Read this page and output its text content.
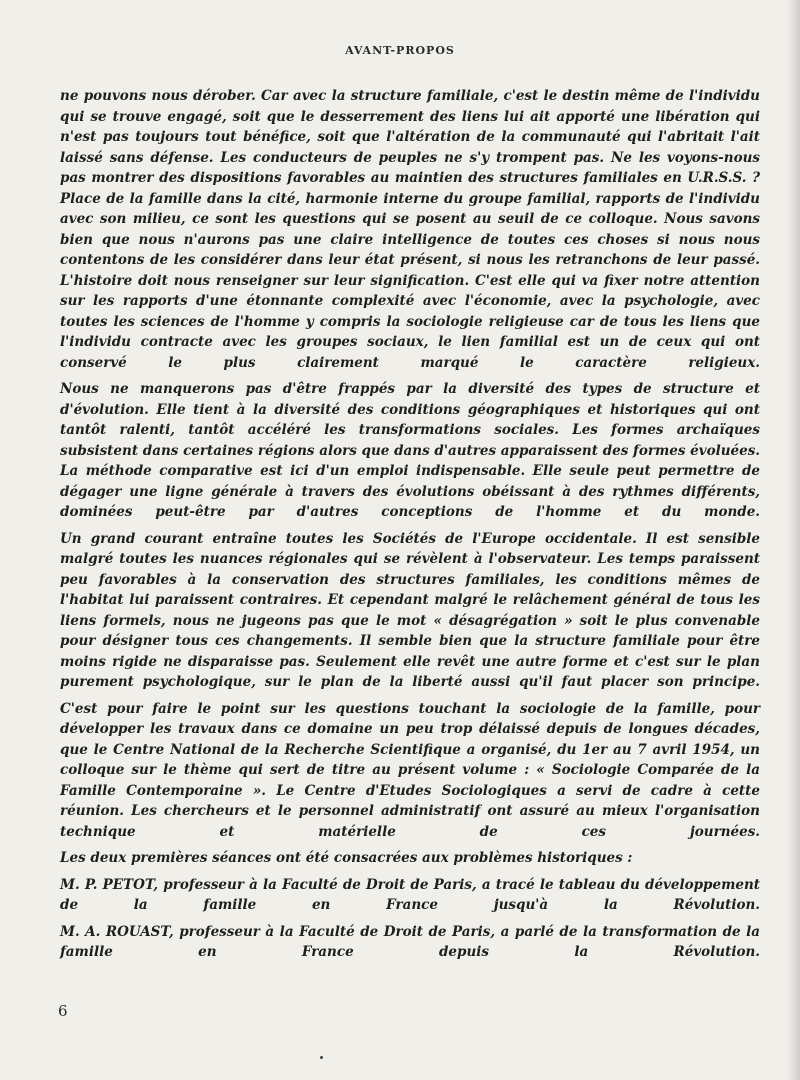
AVANT-PROPOS

ne pouvons nous dérober. Car avec la structure familiale, c'est le destin même de l'individu qui se trouve engagé, soit que le desserrement des liens lui ait apporté une libération qui n'est pas toujours tout bénéfice, soit que l'altération de la communauté qui l'abritait l'ait laissé sans défense. Les conducteurs de peuples ne s'y trompent pas. Ne les voyons-nous pas montrer des dispositions favorables au maintien des structures familiales en U.R.S.S. ? Place de la famille dans la cité, harmonie interne du groupe familial, rapports de l'individu avec son milieu, ce sont les questions qui se posent au seuil de ce colloque. Nous savons bien que nous n'aurons pas une claire intelligence de toutes ces choses si nous nous contentons de les considérer dans leur état présent, si nous les retranchons de leur passé. L'histoire doit nous renseigner sur leur signification. C'est elle qui va fixer notre attention sur les rapports d'une étonnante complexité avec l'économie, avec la psychologie, avec toutes les sciences de l'homme y compris la sociologie religieuse car de tous les liens que l'individu contracte avec les groupes sociaux, le lien familial est un de ceux qui ont conservé le plus clairement marqué le caractère religieux.

Nous ne manquerons pas d'être frappés par la diversité des types de structure et d'évolution. Elle tient à la diversité des conditions géographiques et historiques qui ont tantôt ralenti, tantôt accéléré les transformations sociales. Les formes archaïques subsistent dans certaines régions alors que dans d'autres apparaissent des formes évoluées. La méthode comparative est ici d'un emploi indispensable. Elle seule peut permettre de dégager une ligne générale à travers des évolutions obéissant à des rythmes différents, dominées peut-être par d'autres conceptions de l'homme et du monde.

Un grand courant entraîne toutes les Sociétés de l'Europe occidentale. Il est sensible malgré toutes les nuances régionales qui se révèlent à l'observateur. Les temps paraissent peu favorables à la conservation des structures familiales, les conditions mêmes de l'habitat lui paraissent contraires. Et cependant malgré le relâchement général de tous les liens formels, nous ne jugeons pas que le mot « désagrégation » soit le plus convenable pour désigner tous ces changements. Il semble bien que la structure familiale pour être moins rigide ne disparaisse pas. Seulement elle revêt une autre forme et c'est sur le plan purement psychologique, sur le plan de la liberté aussi qu'il faut placer son principe.

C'est pour faire le point sur les questions touchant la sociologie de la famille, pour développer les travaux dans ce domaine un peu trop délaissé depuis de longues décades, que le Centre National de la Recherche Scientifique a organisé, du 1er au 7 avril 1954, un colloque sur le thème qui sert de titre au présent volume : « Sociologie Comparée de la Famille Contemporaine ». Le Centre d'Etudes Sociologiques a servi de cadre à cette réunion. Les chercheurs et le personnel administratif ont assuré au mieux l'organisation technique et matérielle de ces journées.

Les deux premières séances ont été consacrées aux problèmes historiques :

M. P. PETOT, professeur à la Faculté de Droit de Paris, a tracé le tableau du développement de la famille en France jusqu'à la Révolution.

M. A. ROUAST, professeur à la Faculté de Droit de Paris, a parlé de la transformation de la famille en France depuis la Révolution.

6
